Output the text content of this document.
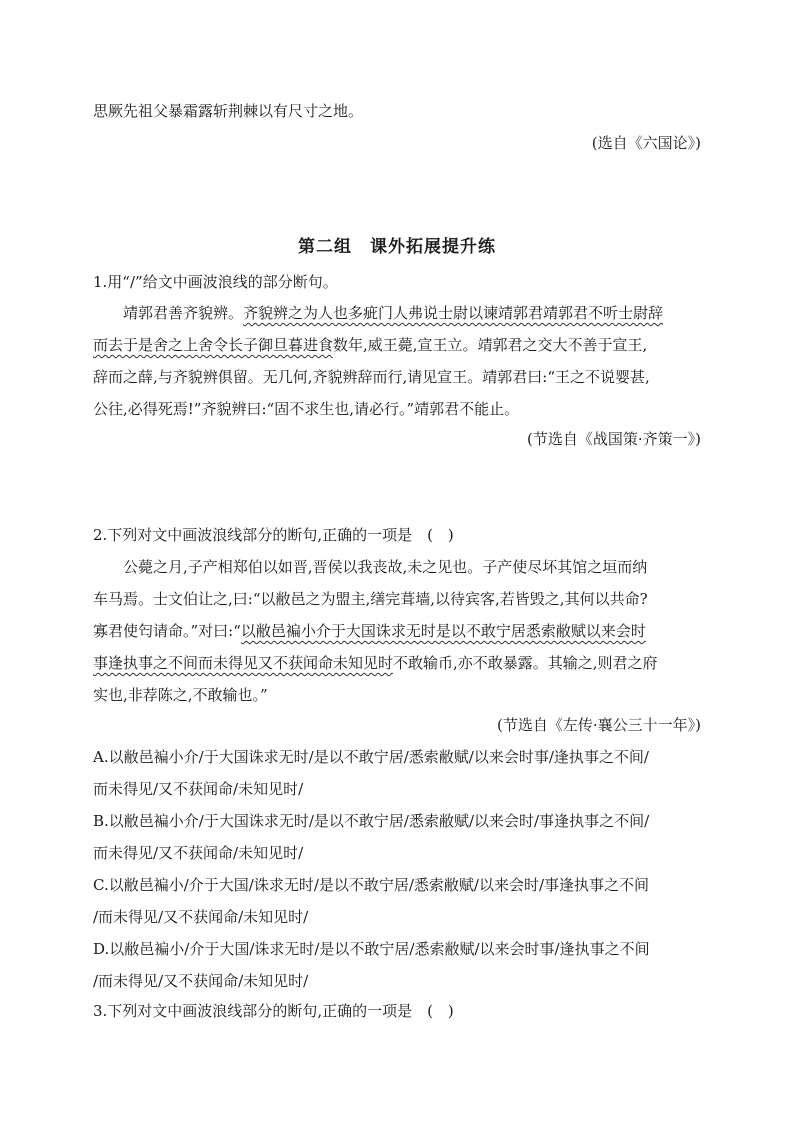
思厥先祖父暴霜露斩荆棘以有尺寸之地。
(选自《六国论》)
第二组　课外拓展提升练
1.用“/”给文中画波浪线的部分断句。
靖郭君善齐貌辨。齐貌辨之为人也多疵门人弗说士尉以谏靖郭君靖郭君不听士尉辞
而去于是舍之上舍令长子御旦暮进食数年,威王薨,宣王立。靖郭君之交大不善于宣王,
辞而之薛,与齐貌辨俱留。无几何,齐貌辨辞而行,请见宣王。靖郭君曰:“王之不说婴甚,
公往,必得死焉!”齐貌辨曰:“固不求生也,请必行。”靖郭君不能止。
(节选自《战国策·齐策一》)
2.下列对文中画波浪线部分的断句,正确的一项是　(　)
公薨之月,子产相郑伯以如晋,晋侯以我丧故,未之见也。子产使尽坏其馆之垣而纳
车马焉。士文伯让之,曰:“以敝邑之为盟主,缮完葺墙,以待宾客,若皆毁之,其何以共命?
寡君使匄请命。”对曰:“以敝邑褊小介于大国诛求无时是以不敢宁居悉索敝赋以来会时
事逢执事之不间而未得见又不获闻命未知见时不敢输币,亦不敢暴露。其输之,则君之府
实也,非荐陈之,不敢输也。”
(节选自《左传·襄公三十一年》)
A.以敝邑褊小介/于大国诛求无时/是以不敢宁居/悉索敝赋/以来会时事/逢执事之不间/
而未得见/又不获闻命/未知见时/
B.以敝邑褊小介/于大国诛求无时/是以不敢宁居/悉索敝赋/以来会时/事逢执事之不间/
而未得见/又不获闻命/未知见时/
C.以敝邑褊小/介于大国/诛求无时/是以不敢宁居/悉索敝赋/以来会时/事逢执事之不间
/而未得见/又不获闻命/未知见时/
D.以敝邑褊小/介于大国/诛求无时/是以不敢宁居/悉索敝赋/以来会时事/逢执事之不间
/而未得见/又不获闻命/未知见时/
3.下列对文中画波浪线部分的断句,正确的一项是　(　)
